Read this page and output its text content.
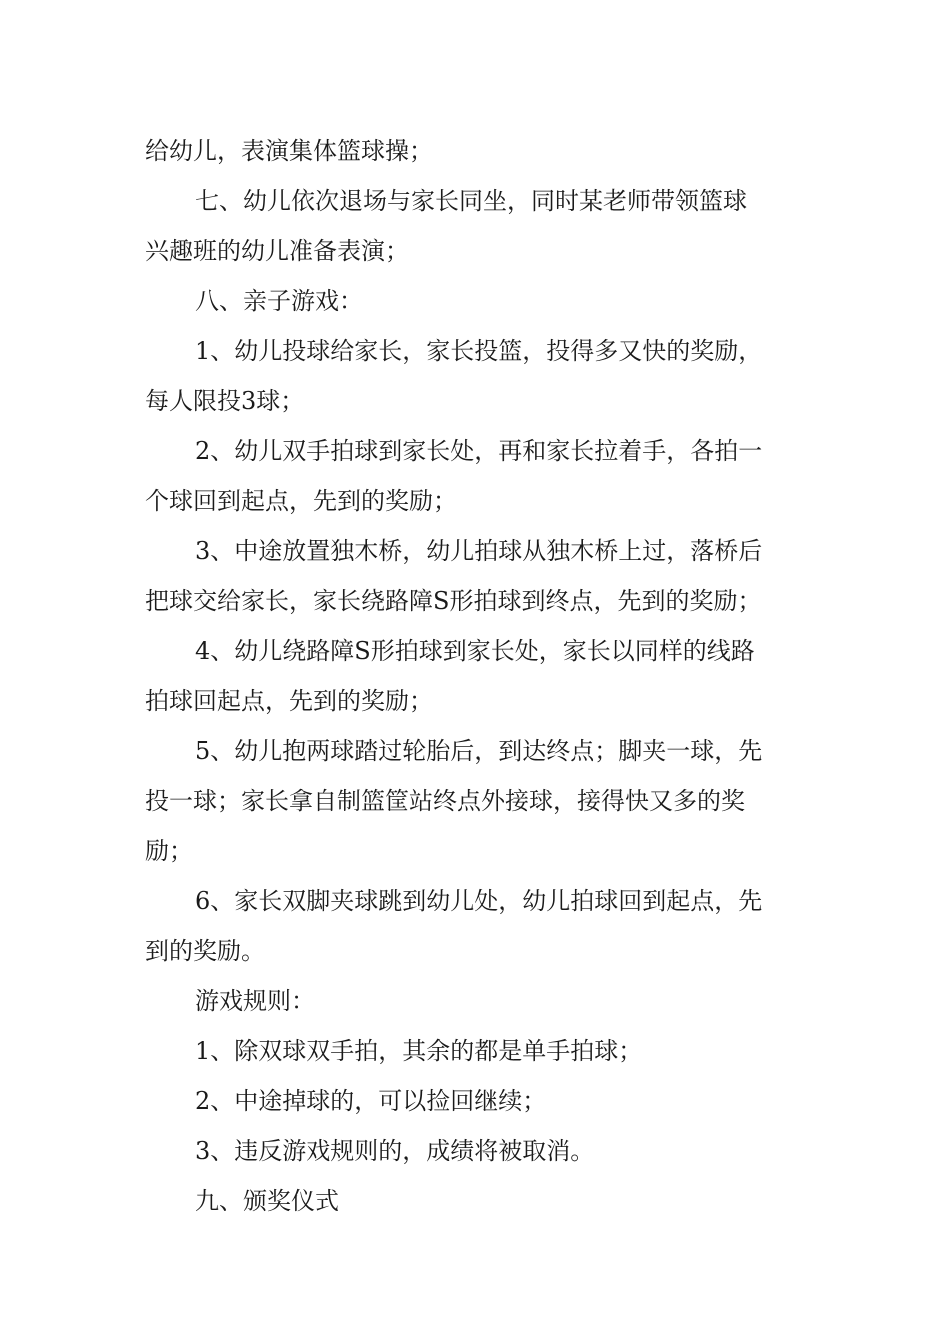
给幼儿，表演集体篮球操；
七、幼儿依次退场与家长同坐，同时某老师带领篮球
兴趣班的幼儿准备表演；
八、亲子游戏：
1、幼儿投球给家长，家长投篮，投得多又快的奖励，
每人限投3球；
2、幼儿双手拍球到家长处，再和家长拉着手，各拍一
个球回到起点，先到的奖励；
3、中途放置独木桥，幼儿拍球从独木桥上过，落桥后
把球交给家长，家长绕路障S形拍球到终点，先到的奖励；
4、幼儿绕路障S形拍球到家长处，家长以同样的线路
拍球回起点，先到的奖励；
5、幼儿抱两球踏过轮胎后，到达终点；脚夹一球，先
投一球；家长拿自制篮筐站终点外接球，接得快又多的奖
励；
6、家长双脚夹球跳到幼儿处，幼儿拍球回到起点，先
到的奖励。
游戏规则：
1、除双球双手拍，其余的都是单手拍球；
2、中途掉球的，可以捡回继续；
3、违反游戏规则的，成绩将被取消。
九、颁奖仪式
